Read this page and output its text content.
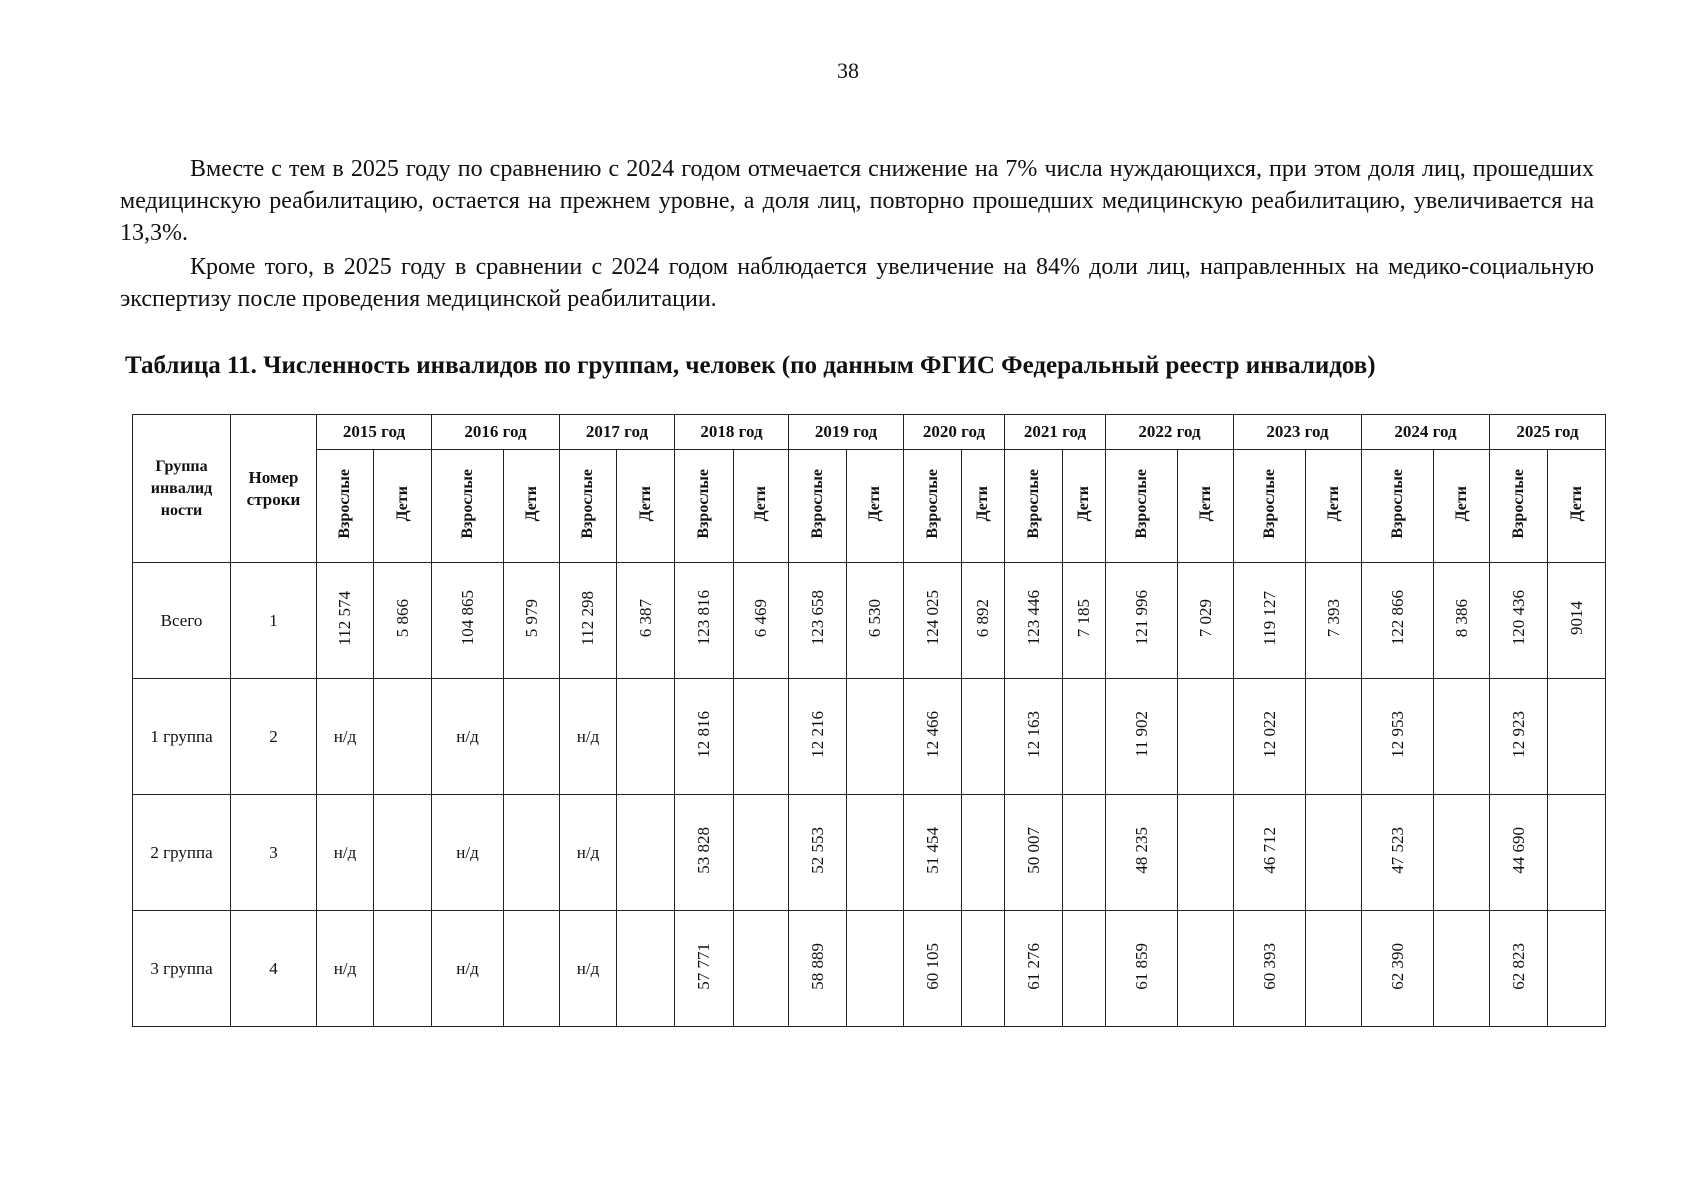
38

Вместе с тем в 2025 году по сравнению с 2024 годом отмечается снижение на 7% числа нуждающихся, при этом доля лиц, прошедших медицинскую реабилитацию, остается на прежнем уровне, а доля лиц, повторно прошедших медицинскую реабилитацию, увеличивается на 13,3%.

Кроме того, в 2025 году в сравнении с 2024 годом наблюдается увеличение на 84% доли лиц, направленных на медико-социальную экспертизу после проведения медицинской реабилитации.

Таблица 11. Численность инвалидов по группам, человек (по данным ФГИС Федеральный реестр инвалидов)
Группа инвалид ности	Номер строки	2015 год		2016 год		2017 год		2018 год		2019 год		2020 год		2021 год		2022 год		2023 год		2024 год		2025 год	
		Взрослые	Дети	Взрослые	Дети	Взрослые	Дети	Взрослые	Дети	Взрослые	Дети	Взрослые	Дети	Взрослые	Дети	Взрослые	Дети	Взрослые	Дети	Взрослые	Дети	Взрослые	Дети
Всего	1	112 574	5 866	104 865	5 979	112 298	6 387	123 816	6 469	123 658	6 530	124 025	6 892	123 446	7 185	121 996	7 029	119 127	7 393	122 866	8 386	120 436	9014
1 группа	2	н/д		н/д		н/д		12 816		12 216		12 466		12 163		11 902		12 022		12 953		12 923	
2 группа	3	н/д		н/д		н/д		53 828		52 553		51 454		50 007		48 235		46 712		47 523		44 690	
3 группа	4	н/д		н/д		н/д		57 771		58 889		60 105		61 276		61 859		60 393		62 390		62 823	
